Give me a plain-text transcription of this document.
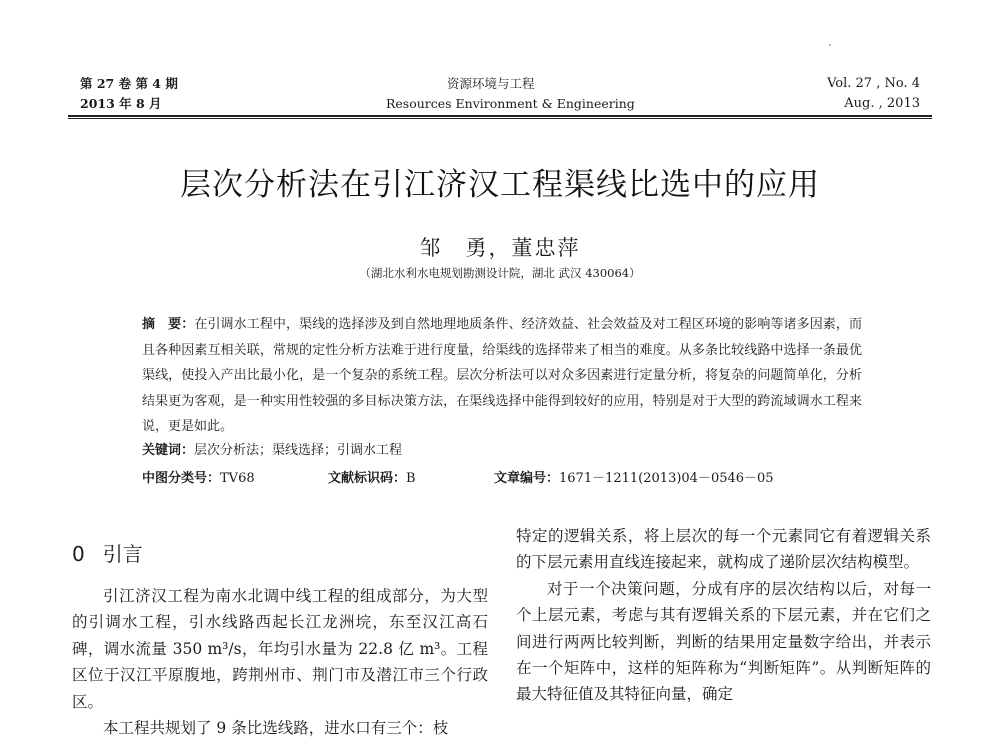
第 27 卷 第 4 期
2013 年 8 月
资源环境与工程
Resources Environment & Engineering
Vol. 27 , No. 4
Aug. , 2013
层次分析法在引江济汉工程渠线比选中的应用
邹　勇，董忠萍
（湖北水利水电规划勘测设计院，湖北 武汉 430064）
摘　要：在引调水工程中，渠线的选择涉及到自然地理地质条件、经济效益、社会效益及对工程区环境的影响等诸多因素，而且各种因素互相关联，常规的定性分析方法难于进行度量，给渠线的选择带来了相当的难度。从多条比较线路中选择一条最优渠线，使投入产出比最小化，是一个复杂的系统工程。层次分析法可以对众多因素进行定量分析，将复杂的问题简单化，分析结果更为客观，是一种实用性较强的多目标决策方法，在渠线选择中能得到较好的应用，特别是对于大型的跨流域调水工程来说，更是如此。
关键词：层次分析法；渠线选择；引调水工程
中图分类号：TV68	文献标识码：B	文章编号：1671－1211(2013)04－0546－05
0 引言

引江济汉工程为南水北调中线工程的组成部分，为大型的引调水工程，引水线路西起长江龙洲垸，东至汉江高石碑，调水流量 350 m³/s，年均引水量为 22.8 亿 m³。工程区位于汉江平原腹地，跨荆州市、荆门市及潜江市三个行政区。

本工程共规划了 9 条比选线路，进水口有三个：枝

特定的逻辑关系，将上层次的每一个元素同它有着逻辑关系的下层元素用直线连接起来，就构成了递阶层次结构模型。

对于一个决策问题，分成有序的层次结构以后，对每一个上层元素，考虑与其有逻辑关系的下层元素，并在它们之间进行两两比较判断，判断的结果用定量数字给出，并表示在一个矩阵中，这样的矩阵称为“判断矩阵”。从判断矩阵的最大特征值及其特征向量，确定
